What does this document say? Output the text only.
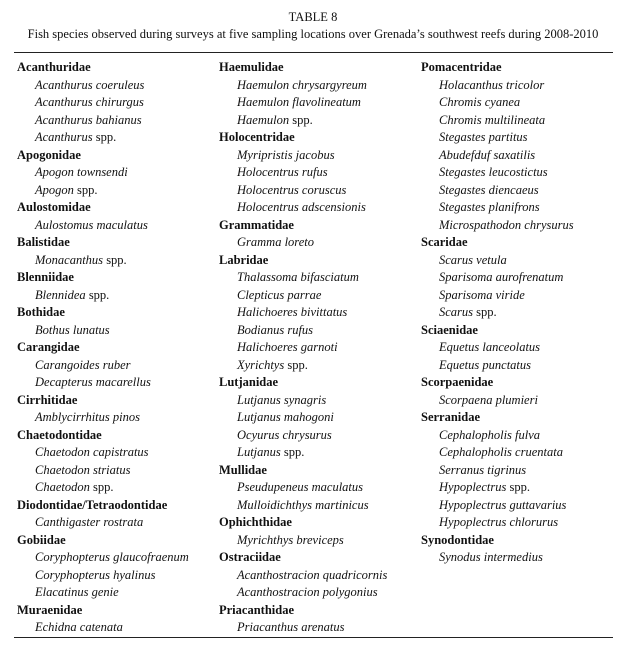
TABLE 8
Fish species observed during surveys at five sampling locations over Grenada’s southwest reefs during 2008-2010
Acanthuridae
Acanthurus coeruleus
Acanthurus chirurgus
Acanthurus bahianus
Acanthurus spp.
Apogonidae
Apogon townsendi
Apogon spp.
Aulostomidae
Aulostomus maculatus
Balistidae
Monacanthus spp.
Blenniidae
Blennidea spp.
Bothidae
Bothus lunatus
Carangidae
Carangoides ruber
Decapterus macarellus
Cirrhitidae
Amblycirrhitus pinos
Chaetodontidae
Chaetodon capistratus
Chaetodon striatus
Chaetodon spp.
Diodontidae/Tetraodontidae
Canthigaster rostrata
Gobiidae
Coryphopterus glaucofraenum
Coryphopterus hyalinus
Elacatinus genie
Muraenidae
Echidna catenata
Haemulidae
Haemulon chrysargyreum
Haemulon flavolineatum
Haemulon spp.
Holocentridae
Myripristis jacobus
Holocentrus rufus
Holocentrus coruscus
Holocentrus adscensionis
Grammatidae
Gramma loreto
Labridae
Thalassoma bifasciatum
Clepticus parrae
Halichoeres bivittatus
Bodianus rufus
Halichoeres garnoti
Xyrichtys spp.
Lutjanidae
Lutjanus synagris
Lutjanus mahogoni
Ocyurus chrysurus
Lutjanus spp.
Mullidae
Pseudupeneus maculatus
Mulloidichthys martinicus
Ophichthidae
Myrichthys breviceps
Ostraciidae
Acanthostracion quadricornis
Acanthostracion polygonius
Priacanthidae
Priacanthus arenatus
Pomacentridae
Holacanthus tricolor
Chromis cyanea
Chromis multilineata
Stegastes partitus
Abudefduf saxatilis
Stegastes leucostictus
Stegastes diencaeus
Stegastes planifrons
Microspathodon chrysurus
Scaridae
Scarus vetula
Sparisoma aurofrenatum
Sparisoma viride
Scarus spp.
Sciaenidae
Equetus lanceolatus
Equetus punctatus
Scorpaenidae
Scorpaena plumieri
Serranidae
Cephalopholis fulva
Cephalopholis cruentata
Serranus tigrinus
Hypoplectrus spp.
Hypoplectrus guttavarius
Hypoplectrus chlorurus
Synodontidae
Synodus intermedius
